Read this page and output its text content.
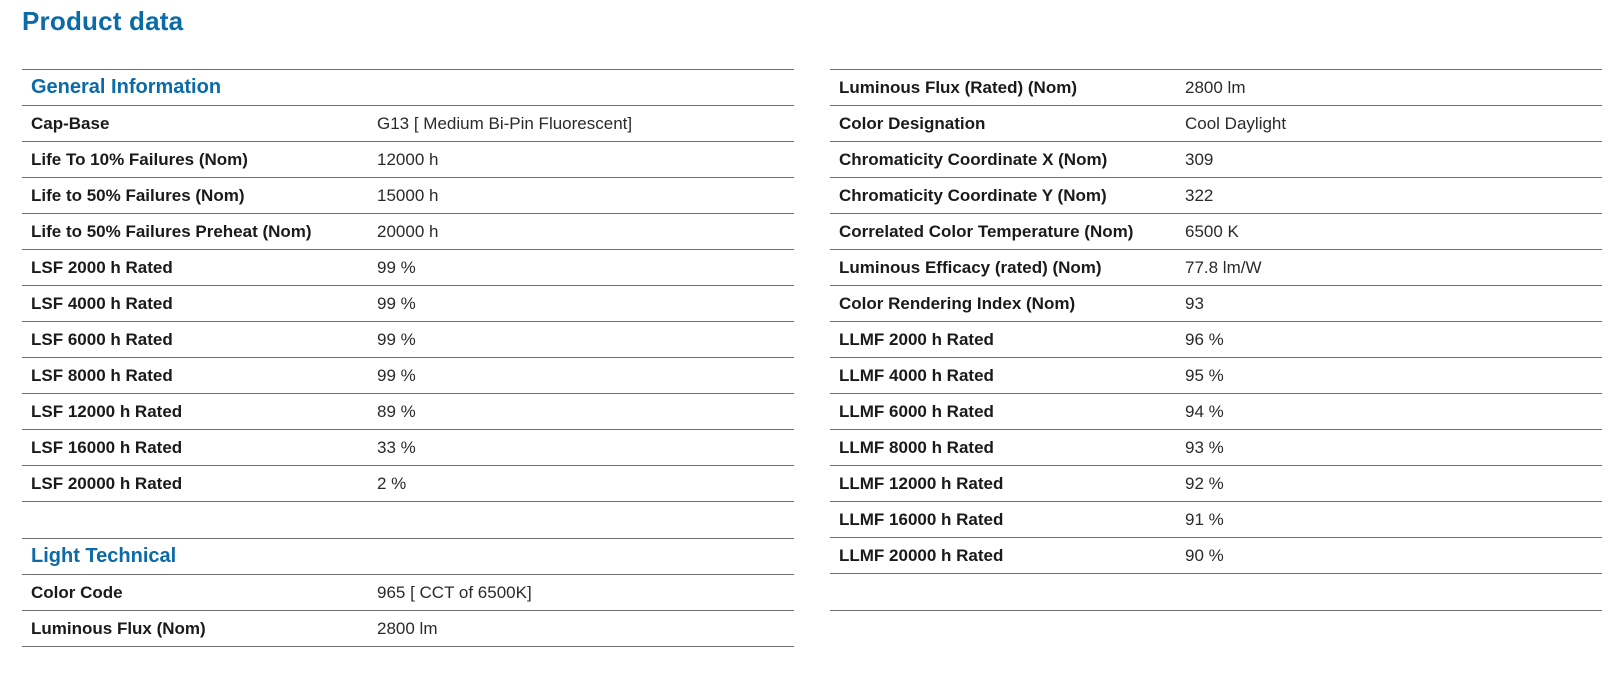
Product data
General Information
Cap-Base	G13 [ Medium Bi-Pin Fluorescent]
Life To 10% Failures (Nom)	12000 h
Life to 50% Failures (Nom)	15000 h
Life to 50% Failures Preheat (Nom)	20000 h
LSF 2000 h Rated	99 %
LSF 4000 h Rated	99 %
LSF 6000 h Rated	99 %
LSF 8000 h Rated	99 %
LSF 12000 h Rated	89 %
LSF 16000 h Rated	33 %
LSF 20000 h Rated	2 %
Light Technical
Color Code	965 [ CCT of 6500K]
Luminous Flux (Nom)	2800 lm
Luminous Flux (Rated) (Nom)	2800 lm
Color Designation	Cool Daylight
Chromaticity Coordinate X (Nom)	309
Chromaticity Coordinate Y (Nom)	322
Correlated Color Temperature (Nom)	6500 K
Luminous Efficacy (rated) (Nom)	77.8 lm/W
Color Rendering Index (Nom)	93
LLMF 2000 h Rated	96 %
LLMF 4000 h Rated	95 %
LLMF 6000 h Rated	94 %
LLMF 8000 h Rated	93 %
LLMF 12000 h Rated	92 %
LLMF 16000 h Rated	91 %
LLMF 20000 h Rated	90 %
